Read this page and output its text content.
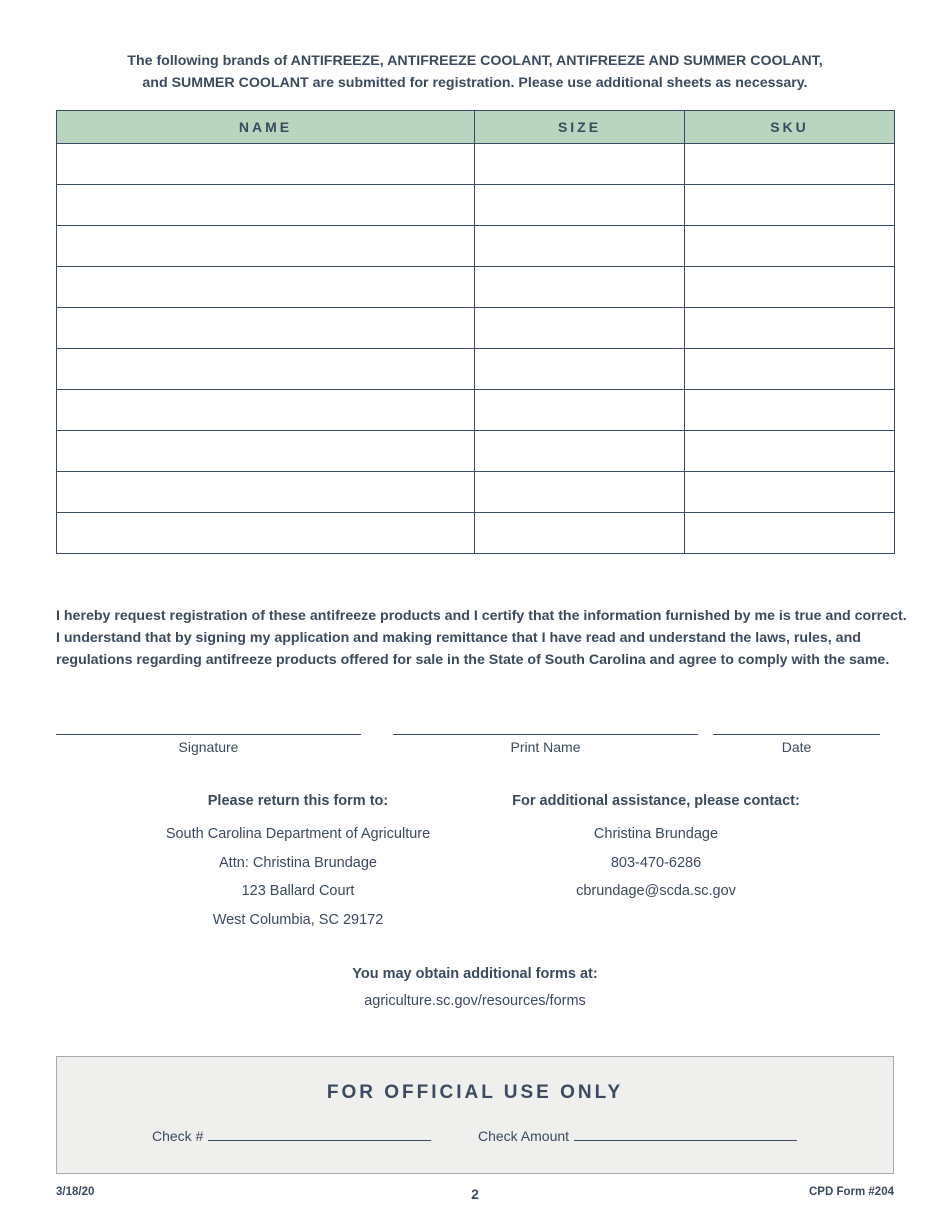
The following brands of ANTIFREEZE, ANTIFREEZE COOLANT, ANTIFREEZE AND SUMMER COOLANT,
and SUMMER COOLANT are submitted for registration. Please use additional sheets as necessary.
NAME	SIZE	SKU

I hereby request registration of these antifreeze products and I certify that the information furnished by me is true and correct.
I understand that by signing my application and making remittance that I have read and understand the laws, rules, and
regulations regarding antifreeze products offered for sale in the State of South Carolina and agree to comply with the same.
Signature	Print Name	Date
Please return this form to:
South Carolina Department of Agriculture
Attn: Christina Brundage
123 Ballard Court
West Columbia, SC 29172
For additional assistance, please contact:
Christina Brundage
803-470-6286
cbrundage@scda.sc.gov
You may obtain additional forms at:
agriculture.sc.gov/resources/forms
FOR OFFICIAL USE ONLY
Check #	Check Amount
3/18/20	2	CPD Form #204
